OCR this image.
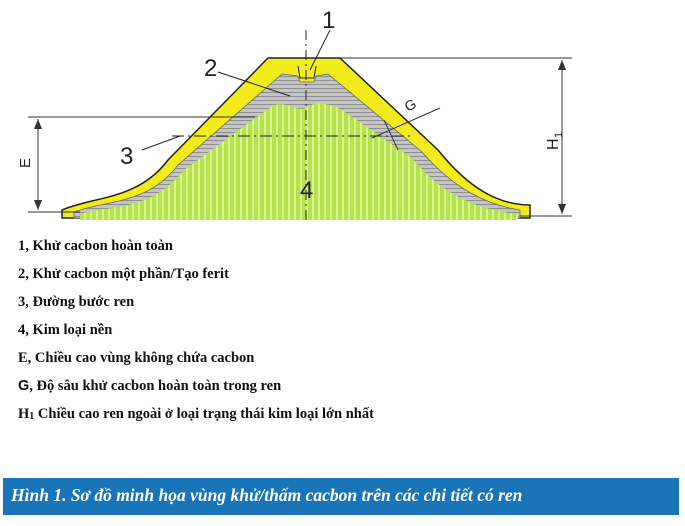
1
2
3
4
E
G
H
1
1, Khử cacbon hoàn toàn
2, Khử cacbon một phần/Tạo ferit
3, Đường bước ren
4, Kim loại nền
E, Chiều cao vùng không chứa cacbon
G, Độ sâu khử cacbon hoàn toàn trong ren
$H_1$ Chiều cao ren ngoài ở loại trạng thái kim loại lớn nhất
Hình 1. Sơ đồ minh họa vùng khử/thấm cacbon trên các chi tiết có ren
